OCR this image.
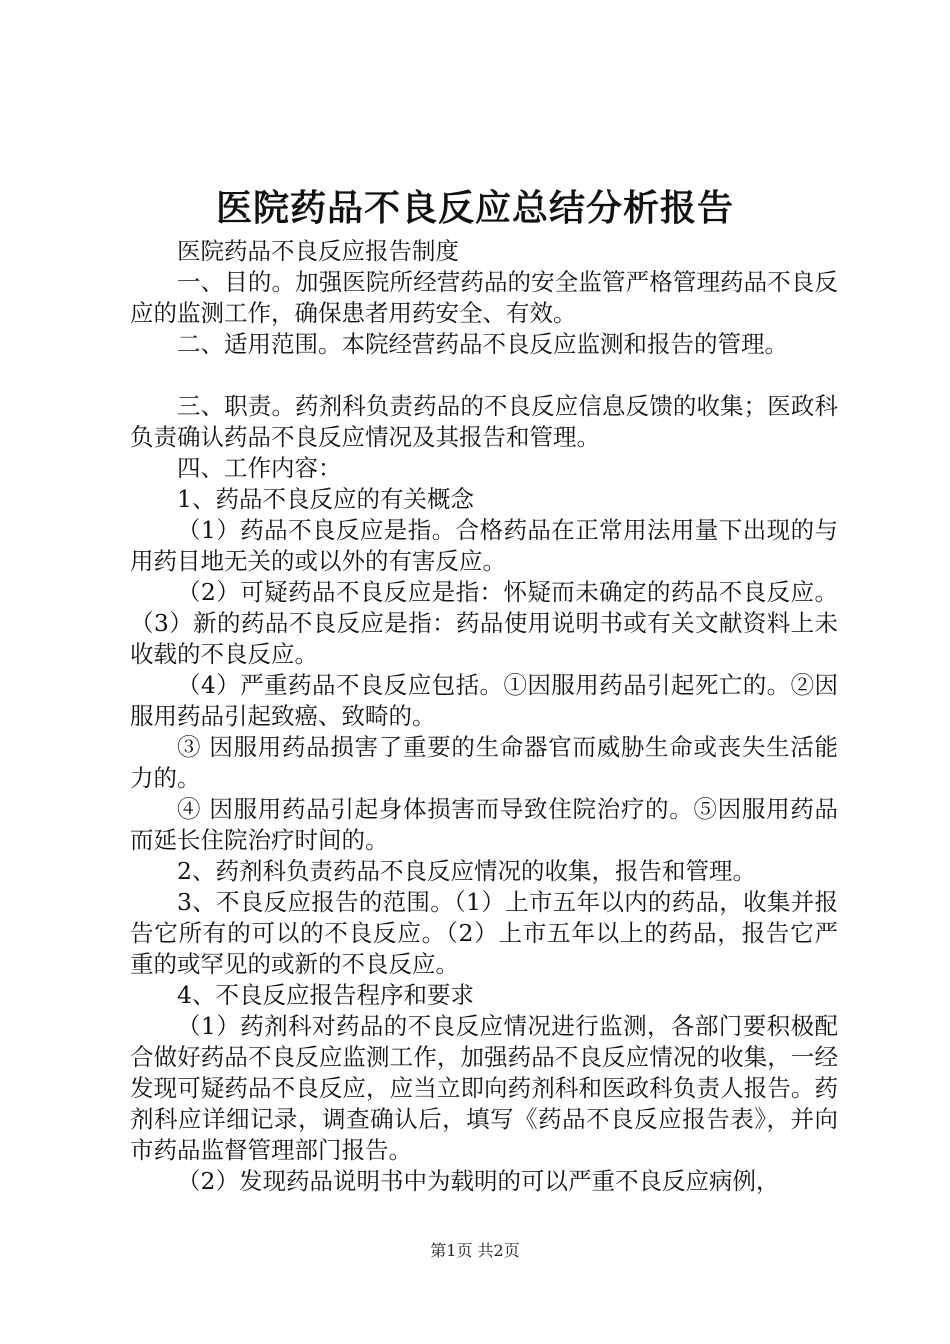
医院药品不良反应总结分析报告

医院药品不良反应报告制度

一、目的。加强医院所经营药品的安全监管严格管理药品不良反应的监测工作，确保患者用药安全、有效。

二、适用范围。本院经营药品不良反应监测和报告的管理。

三、职责。药剂科负责药品的不良反应信息反馈的收集；医政科负责确认药品不良反应情况及其报告和管理。

四、工作内容：

1、药品不良反应的有关概念

（1）药品不良反应是指。合格药品在正常用法用量下出现的与用药目地无关的或以外的有害反应。

（2）可疑药品不良反应是指：怀疑而未确定的药品不良反应。（3）新的药品不良反应是指：药品使用说明书或有关文献资料上未收载的不良反应。

（4）严重药品不良反应包括。①因服用药品引起死亡的。②因服用药品引起致癌、致畸的。

③ 因服用药品损害了重要的生命器官而威胁生命或丧失生活能力的。

④ 因服用药品引起身体损害而导致住院治疗的。⑤因服用药品而延长住院治疗时间的。

2、药剂科负责药品不良反应情况的收集，报告和管理。

3、不良反应报告的范围。（1）上市五年以内的药品，收集并报告它所有的可以的不良反应。（2）上市五年以上的药品，报告它严重的或罕见的或新的不良反应。

4、不良反应报告程序和要求

（1）药剂科对药品的不良反应情况进行监测，各部门要积极配合做好药品不良反应监测工作，加强药品不良反应情况的收集，一经发现可疑药品不良反应，应当立即向药剂科和医政科负责人报告。药剂科应详细记录，调查确认后，填写《药品不良反应报告表》，并向市药品监督管理部门报告。

（2）发现药品说明书中为载明的可以严重不良反应病例，

第1页 共2页
